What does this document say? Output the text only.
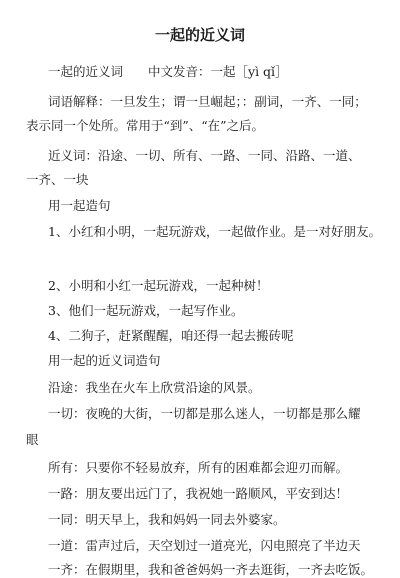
一起的近义词
一起的近义词　　中文发音：一起［yì qǐ］
词语解释：一旦发生；谓一旦崛起；：副词，一齐、一同；
表示同一个处所。常用于“到”、“在”之后。
近义词：沿途、一切、所有、一路、一同、沿路、一道、
一齐、一块
用一起造句
1、小红和小明，一起玩游戏，一起做作业。是一对好朋友。
2、小明和小红一起玩游戏，一起种树！
3、他们一起玩游戏，一起写作业。
4、二狗子，赶紧醒醒，咱还得一起去搬砖呢
用一起的近义词造句
沿途：我坐在火车上欣赏沿途的风景。
一切：夜晚的大街，一切都是那么迷人，一切都是那么耀
眼
所有：只要你不轻易放弃，所有的困难都会迎刃而解。
一路：朋友要出远门了，我祝她一路顺风，平安到达！
一同：明天早上，我和妈妈一同去外婆家。
一道：雷声过后，天空划过一道亮光，闪电照亮了半边天
一齐：在假期里，我和爸爸妈妈一齐去逛街，一齐去吃饭。
